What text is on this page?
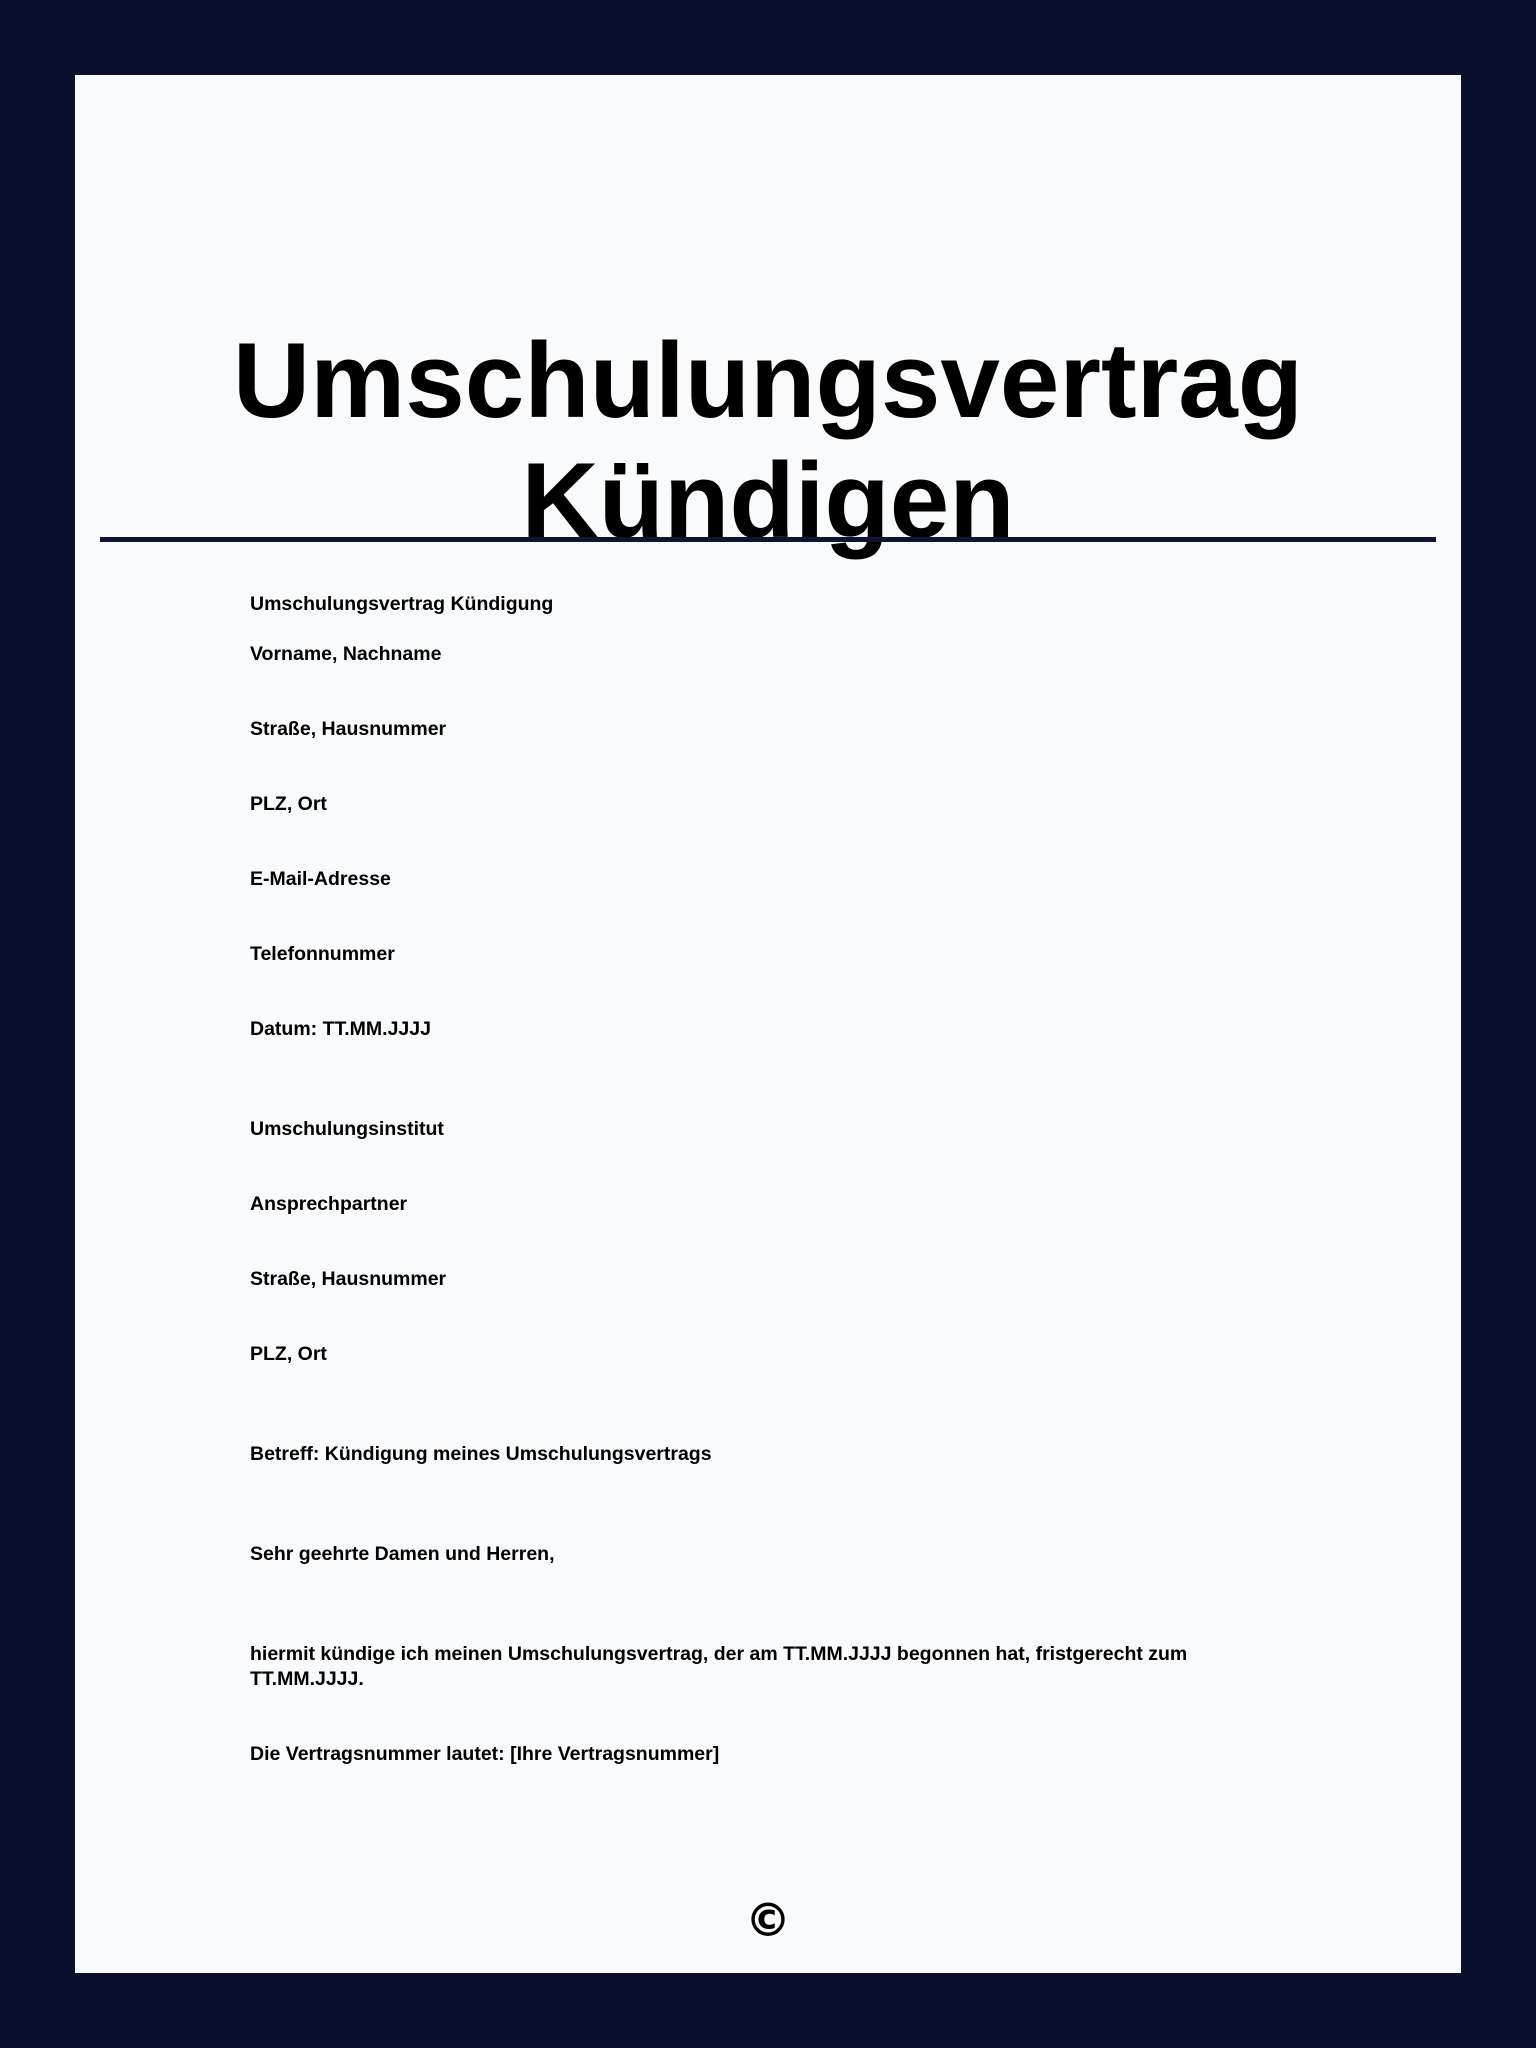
Umschulungsvertrag
Kündigen

Umschulungsvertrag Kündigung

Vorname, Nachname

Straße, Hausnummer

PLZ, Ort

E-Mail-Adresse

Telefonnummer

Datum: TT.MM.JJJJ

Umschulungsinstitut

Ansprechpartner

Straße, Hausnummer

PLZ, Ort

Betreff: Kündigung meines Umschulungsvertrags

Sehr geehrte Damen und Herren,

hiermit kündige ich meinen Umschulungsvertrag, der am TT.MM.JJJJ begonnen hat, fristgerecht zum TT.MM.JJJJ.

Die Vertragsnummer lautet: [Ihre Vertragsnummer]

©
